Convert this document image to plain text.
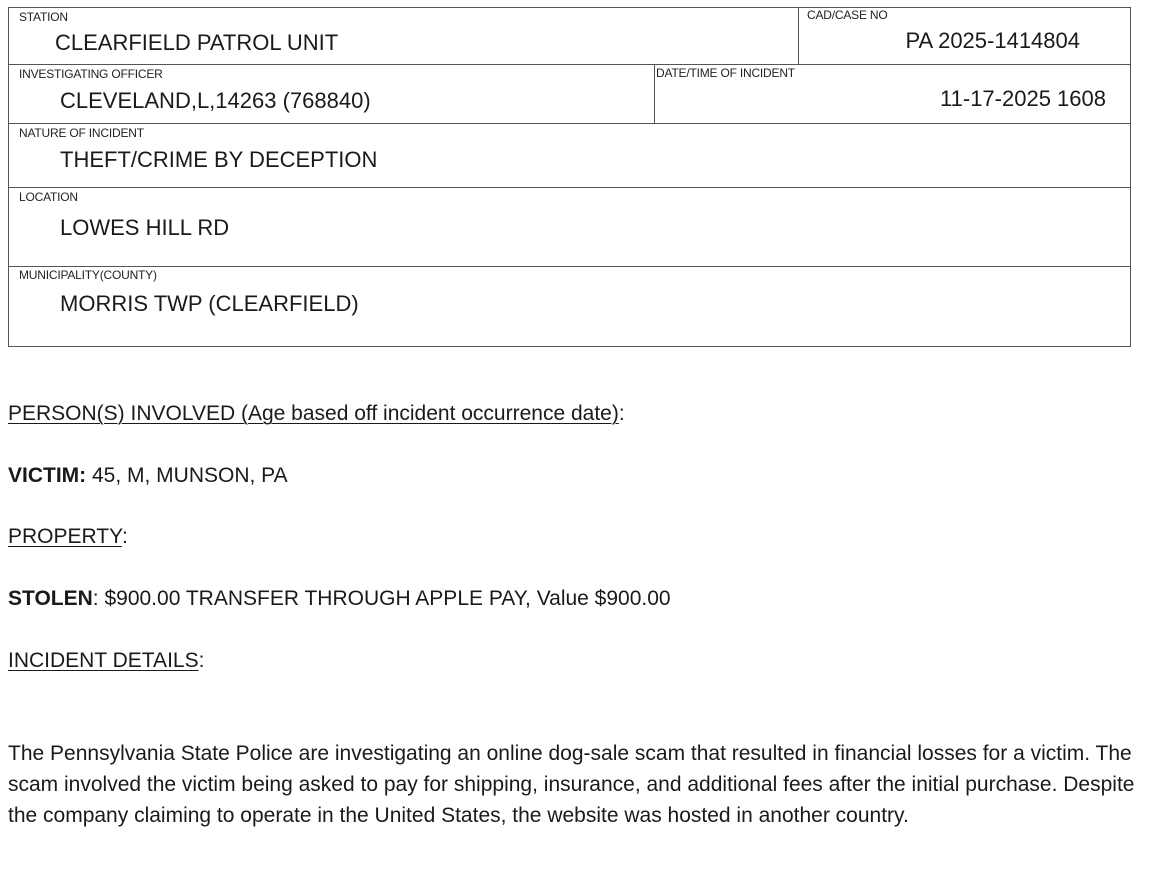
STATION
CLEARFIELD PATROL UNIT
CAD/CASE NO
PA 2025-1414804
INVESTIGATING OFFICER
CLEVELAND,L,14263 (768840)
DATE/TIME OF INCIDENT
11-17-2025 1608
NATURE OF INCIDENT
THEFT/CRIME BY DECEPTION
LOCATION
LOWES HILL RD
MUNICIPALITY(COUNTY)
MORRIS TWP (CLEARFIELD)
PERSON(S) INVOLVED (Age based off incident occurrence date):
VICTIM: 45, M, MUNSON, PA
PROPERTY:
STOLEN: $900.00 TRANSFER THROUGH APPLE PAY, Value $900.00
INCIDENT DETAILS:
The Pennsylvania State Police are investigating an online dog-sale scam that resulted in financial losses for a victim. The scam involved the victim being asked to pay for shipping, insurance, and additional fees after the initial purchase. Despite the company claiming to operate in the United States, the website was hosted in another country.
